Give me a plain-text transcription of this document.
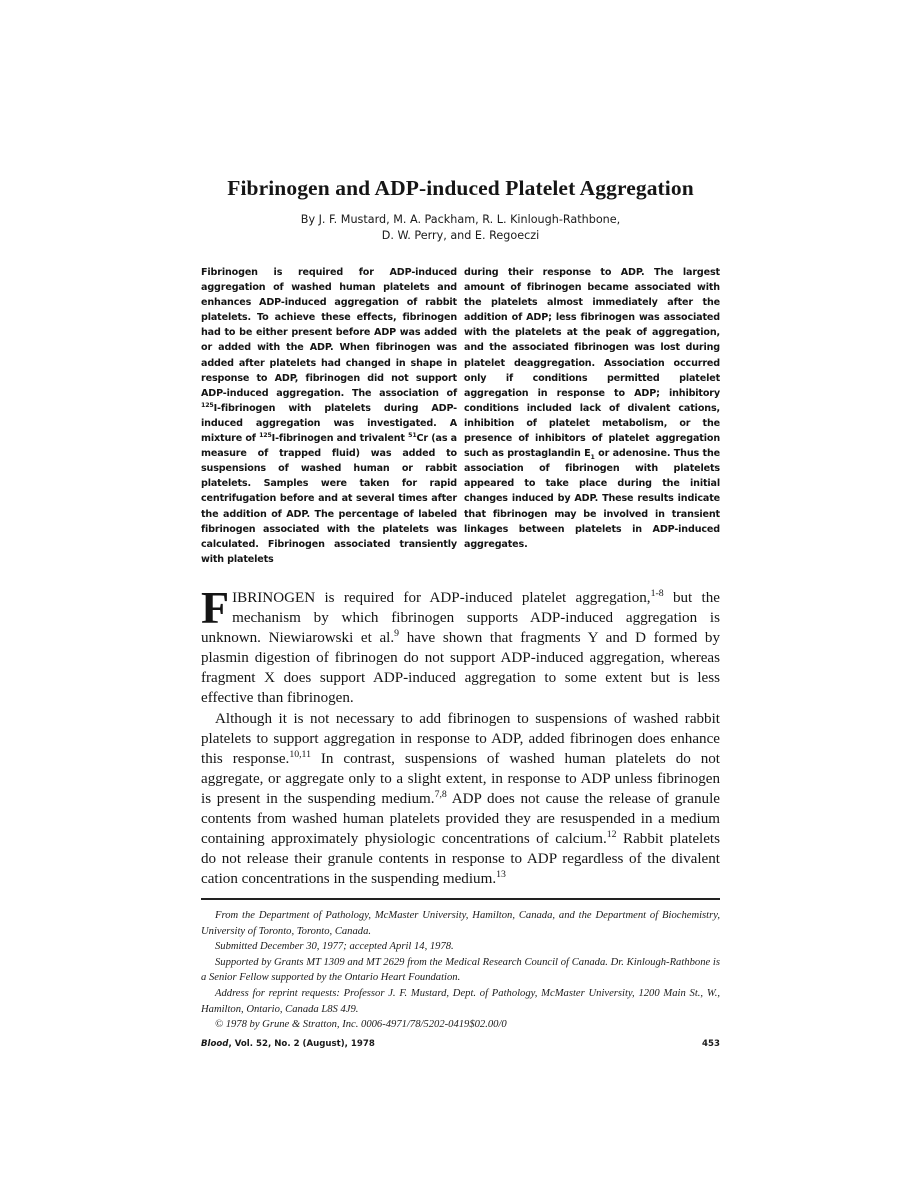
Fibrinogen and ADP-induced Platelet Aggregation
By J. F. Mustard, M. A. Packham, R. L. Kinlough-Rathbone,
D. W. Perry, and E. Regoeczi

Fibrinogen is required for ADP-induced aggregation of washed human platelets and enhances ADP-induced aggregation of rabbit platelets. To achieve these effects, fibrinogen had to be either present before ADP was added or added with the ADP. When fibrinogen was added after platelets had changed in shape in response to ADP, fibrinogen did not support ADP-induced aggregation. The association of $^{125}$I-fibrinogen with platelets during ADP-induced aggregation was investigated. A mixture of $^{125}$I-fibrinogen and trivalent $^{51}$Cr (as a measure of trapped fluid) was added to suspensions of washed human or rabbit platelets. Samples were taken for rapid centrifugation before and at several times after the addition of ADP. The percentage of labeled fibrinogen associated with the platelets was calculated. Fibrinogen associated transiently with platelets

during their response to ADP. The largest amount of fibrinogen became associated with the platelets almost immediately after the addition of ADP; less fibrinogen was associated with the platelets at the peak of aggregation, and the associated fibrinogen was lost during platelet deaggregation. Association occurred only if conditions permitted platelet aggregation in response to ADP; inhibitory conditions included lack of divalent cations, inhibition of platelet metabolism, or the presence of inhibitors of platelet aggregation such as prostaglandin $E_1$ or adenosine. Thus the association of fibrinogen with platelets appeared to take place during the initial changes induced by ADP. These results indicate that fibrinogen may be involved in transient linkages between platelets in ADP-induced aggregates.

FIBRINOGEN is required for ADP-induced platelet aggregation,$^{1-8}$ but the mechanism by which fibrinogen supports ADP-induced aggregation is unknown. Niewiarowski et al.$^9$ have shown that fragments Y and D formed by plasmin digestion of fibrinogen do not support ADP-induced aggregation, whereas fragment X does support ADP-induced aggregation to some extent but is less effective than fibrinogen.

Although it is not necessary to add fibrinogen to suspensions of washed rabbit platelets to support aggregation in response to ADP, added fibrinogen does enhance this response.$^{10,11}$ In contrast, suspensions of washed human platelets do not aggregate, or aggregate only to a slight extent, in response to ADP unless fibrinogen is present in the suspending medium.$^{7,8}$ ADP does not cause the release of granule contents from washed human platelets provided they are resuspended in a medium containing approximately physiologic concentrations of calcium.$^{12}$ Rabbit platelets do not release their granule contents in response to ADP regardless of the divalent cation concentrations in the suspending medium.$^{13}$

From the Department of Pathology, McMaster University, Hamilton, Canada, and the Department of Biochemistry, University of Toronto, Toronto, Canada.

Submitted December 30, 1977; accepted April 14, 1978.

Supported by Grants MT 1309 and MT 2629 from the Medical Research Council of Canada. Dr. Kinlough-Rathbone is a Senior Fellow supported by the Ontario Heart Foundation.

Address for reprint requests: Professor J. F. Mustard, Dept. of Pathology, McMaster University, 1200 Main St., W., Hamilton, Ontario, Canada L8S 4J9.

© 1978 by Grune & Stratton, Inc. 0006-4971/78/5202-0419$02.00/0

Blood, Vol. 52, No. 2 (August), 1978	453
